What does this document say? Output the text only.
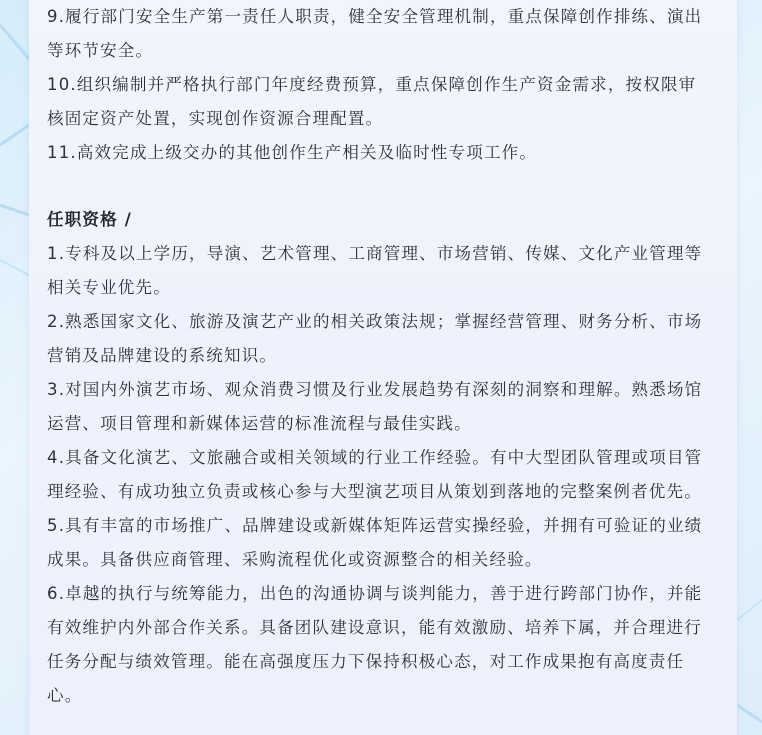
9.履行部门安全生产第一责任人职责，健全安全管理机制，重点保障创作排练、演出
等环节安全。
10.组织编制并严格执行部门年度经费预算，重点保障创作生产资金需求，按权限审
核固定资产处置，实现创作资源合理配置。
11.高效完成上级交办的其他创作生产相关及临时性专项工作。
任职资格 /
1.专科及以上学历，导演、艺术管理、工商管理、市场营销、传媒、文化产业管理等
相关专业优先。
2.熟悉国家文化、旅游及演艺产业的相关政策法规；掌握经营管理、财务分析、市场
营销及品牌建设的系统知识。
3.对国内外演艺市场、观众消费习惯及行业发展趋势有深刻的洞察和理解。熟悉场馆
运营、项目管理和新媒体运营的标准流程与最佳实践。
4.具备文化演艺、文旅融合或相关领域的行业工作经验。有中大型团队管理或项目管
理经验、有成功独立负责或核心参与大型演艺项目从策划到落地的完整案例者优先。
5.具有丰富的市场推广、品牌建设或新媒体矩阵运营实操经验，并拥有可验证的业绩
成果。具备供应商管理、采购流程优化或资源整合的相关经验。
6.卓越的执行与统筹能力，出色的沟通协调与谈判能力，善于进行跨部门协作，并能
有效维护内外部合作关系。具备团队建设意识，能有效激励、培养下属，并合理进行
任务分配与绩效管理。能在高强度压力下保持积极心态，对工作成果抱有高度责任
心。
